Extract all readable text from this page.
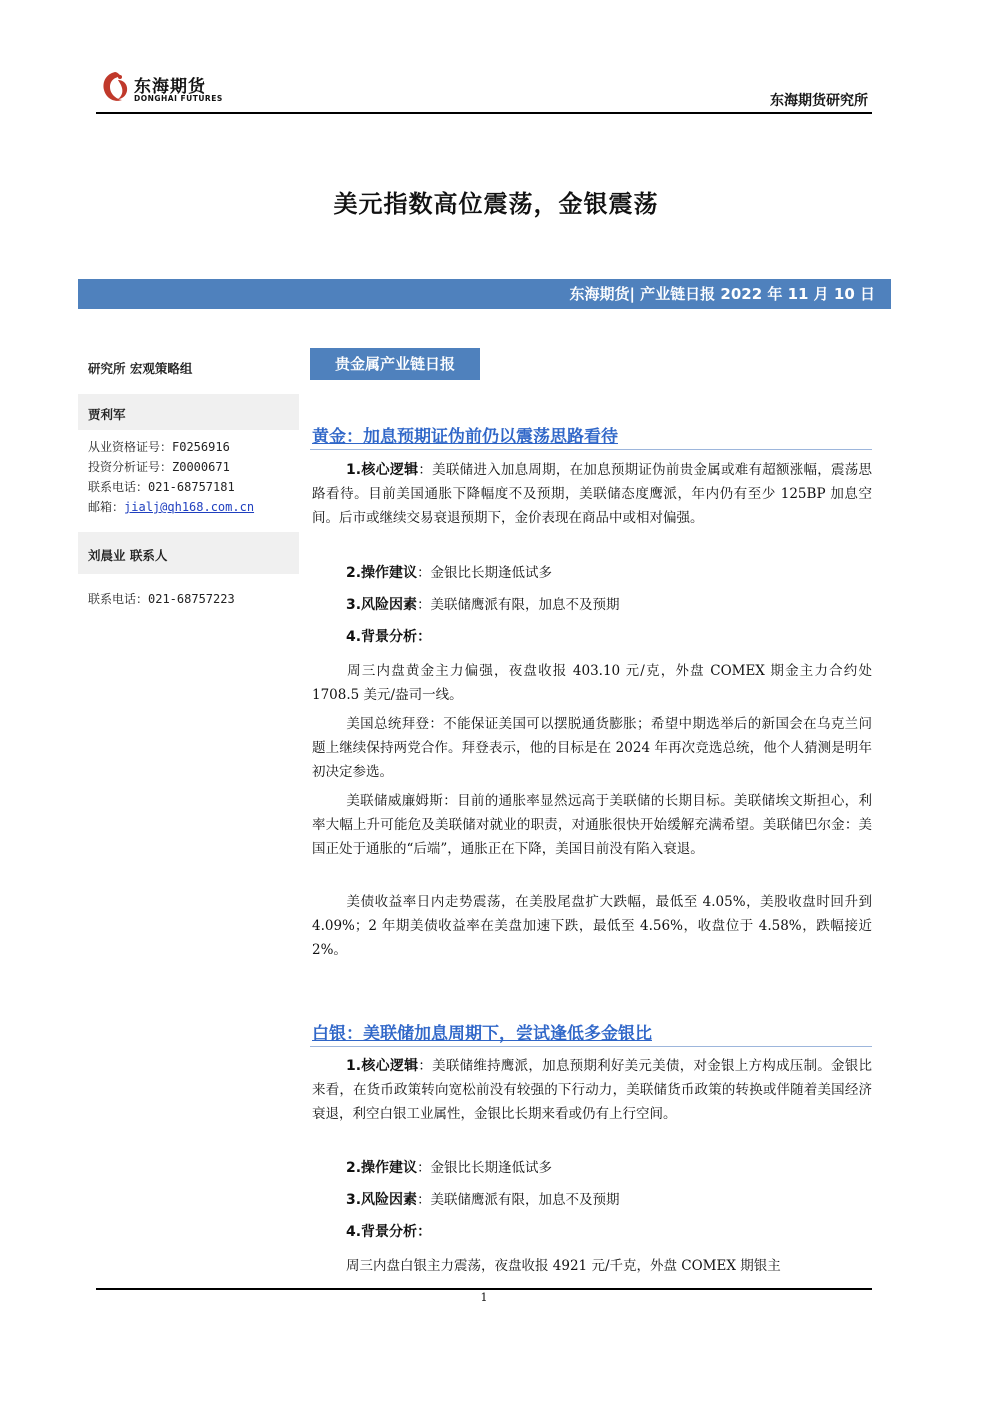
东海期货
DONGHAI FUTURES	东海期货研究所
美元指数高位震荡，金银震荡
东海期货| 产业链日报 2022 年 11 月 10 日
研究所 宏观策略组
贾利军
从业资格证号：F0256916
投资分析证号：Z0000671
联系电话：021-68757181
邮箱：jialj@qh168.com.cn
刘晨业 联系人
联系电话：021-68757223
贵金属产业链日报
黄金：加息预期证伪前仍以震荡思路看待
1.核心逻辑：美联储进入加息周期，在加息预期证伪前贵金属或难有超额涨幅，震荡思路看待。目前美国通胀下降幅度不及预期，美联储态度鹰派，年内仍有至少 125BP 加息空间。后市或继续交易衰退预期下，金价表现在商品中或相对偏强。
2.操作建议：金银比长期逢低试多
3.风险因素：美联储鹰派有限，加息不及预期
4.背景分析：
周三内盘黄金主力偏强，夜盘收报 403.10 元/克，外盘 COMEX 期金主力合约处 1708.5 美元/盎司一线。
美国总统拜登：不能保证美国可以摆脱通货膨胀；希望中期选举后的新国会在乌克兰问题上继续保持两党合作。拜登表示，他的目标是在 2024 年再次竞选总统，他个人猜测是明年初决定参选。
美联储威廉姆斯：目前的通胀率显然远高于美联储的长期目标。美联储埃文斯担心，利率大幅上升可能危及美联储对就业的职责，对通胀很快开始缓解充满希望。美联储巴尔金：美国正处于通胀的“后端”，通胀正在下降，美国目前没有陷入衰退。
美债收益率日内走势震荡，在美股尾盘扩大跌幅，最低至 4.05%，美股收盘时回升到 4.09%；2 年期美债收益率在美盘加速下跌，最低至 4.56%，收盘位于 4.58%，跌幅接近 2%。
白银：美联储加息周期下，尝试逢低多金银比
1.核心逻辑：美联储维持鹰派，加息预期利好美元美债，对金银上方构成压制。金银比来看，在货币政策转向宽松前没有较强的下行动力，美联储货币政策的转换或伴随着美国经济衰退，利空白银工业属性，金银比长期来看或仍有上行空间。
2.操作建议：金银比长期逢低试多
3.风险因素：美联储鹰派有限，加息不及预期
4.背景分析：
周三内盘白银主力震荡，夜盘收报 4921 元/千克，外盘 COMEX 期银主
1
